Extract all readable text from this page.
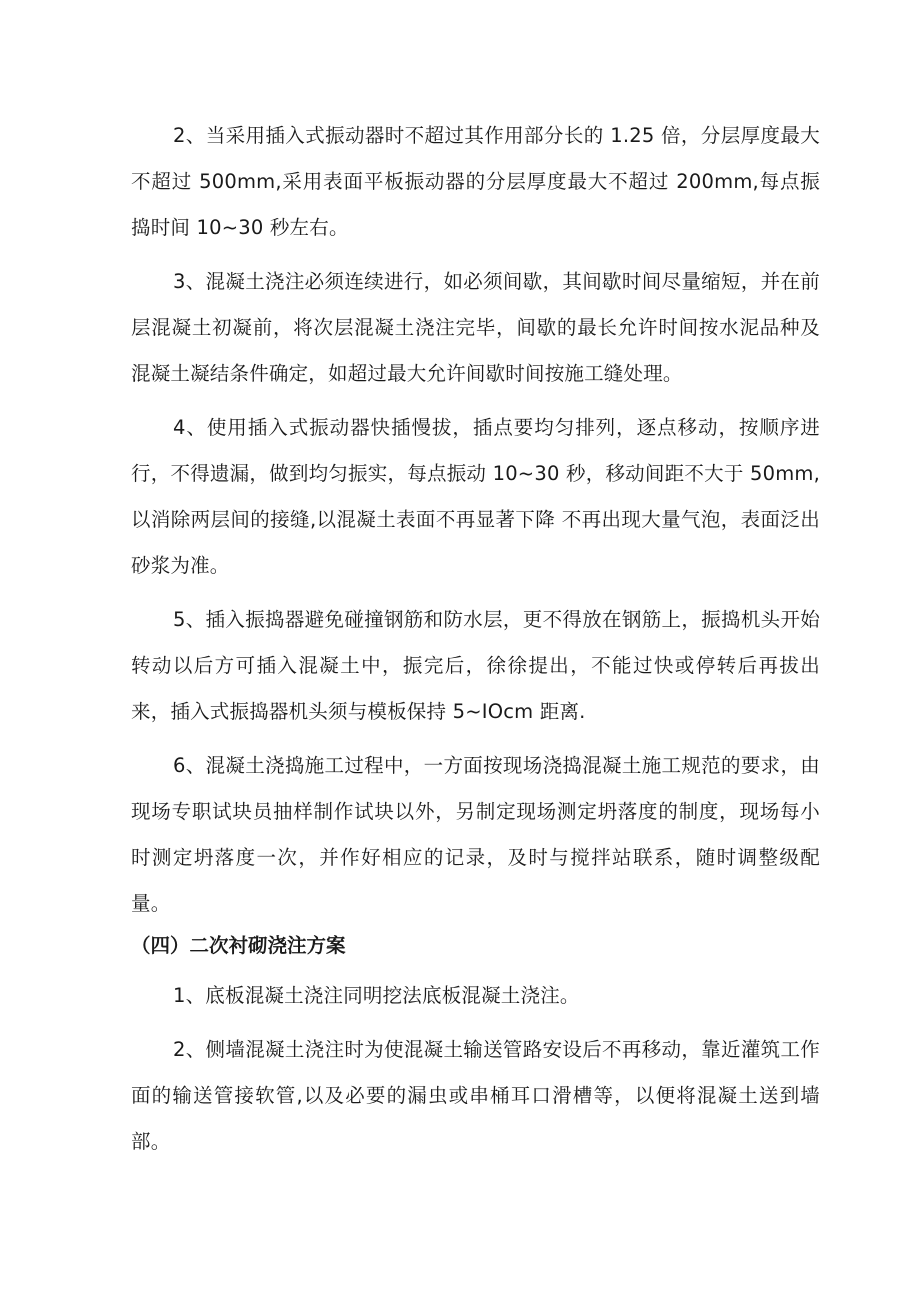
2、当采用插入式振动器时不超过其作用部分长的 1.25 倍，分层厚度最大不超过 500mm,采用表面平板振动器的分层厚度最大不超过 200mm,每点振捣时间 10~30 秒左右。

3、混凝土浇注必须连续进行，如必须间歇，其间歇时间尽量缩短，并在前层混凝土初凝前，将次层混凝土浇注完毕，间歇的最长允许时间按水泥品种及混凝土凝结条件确定，如超过最大允许间歇时间按施工缝处理。

4、使用插入式振动器快插慢拔，插点要均匀排列，逐点移动，按顺序进行，不得遗漏，做到均匀振实，每点振动 10~30 秒，移动间距不大于 50mm,以消除两层间的接缝,以混凝土表面不再显著下降 不再出现大量气泡，表面泛出砂浆为准。

5、插入振捣器避免碰撞钢筋和防水层，更不得放在钢筋上，振捣机头开始转动以后方可插入混凝土中，振完后，徐徐提出，不能过快或停转后再拔出来，插入式振捣器机头须与模板保持 5~IOcm 距离.

6、混凝土浇捣施工过程中，一方面按现场浇捣混凝土施工规范的要求，由现场专职试块员抽样制作试块以外，另制定现场测定坍落度的制度，现场每小时测定坍落度一次，并作好相应的记录，及时与搅拌站联系，随时调整级配量。

（四）二次衬砌浇注方案

1、底板混凝土浇注同明挖法底板混凝土浇注。

2、侧墙混凝土浇注时为使混凝土输送管路安设后不再移动，靠近灌筑工作面的输送管接软管,以及必要的漏虫或串桶耳口滑槽等，以便将混凝土送到墙部。
